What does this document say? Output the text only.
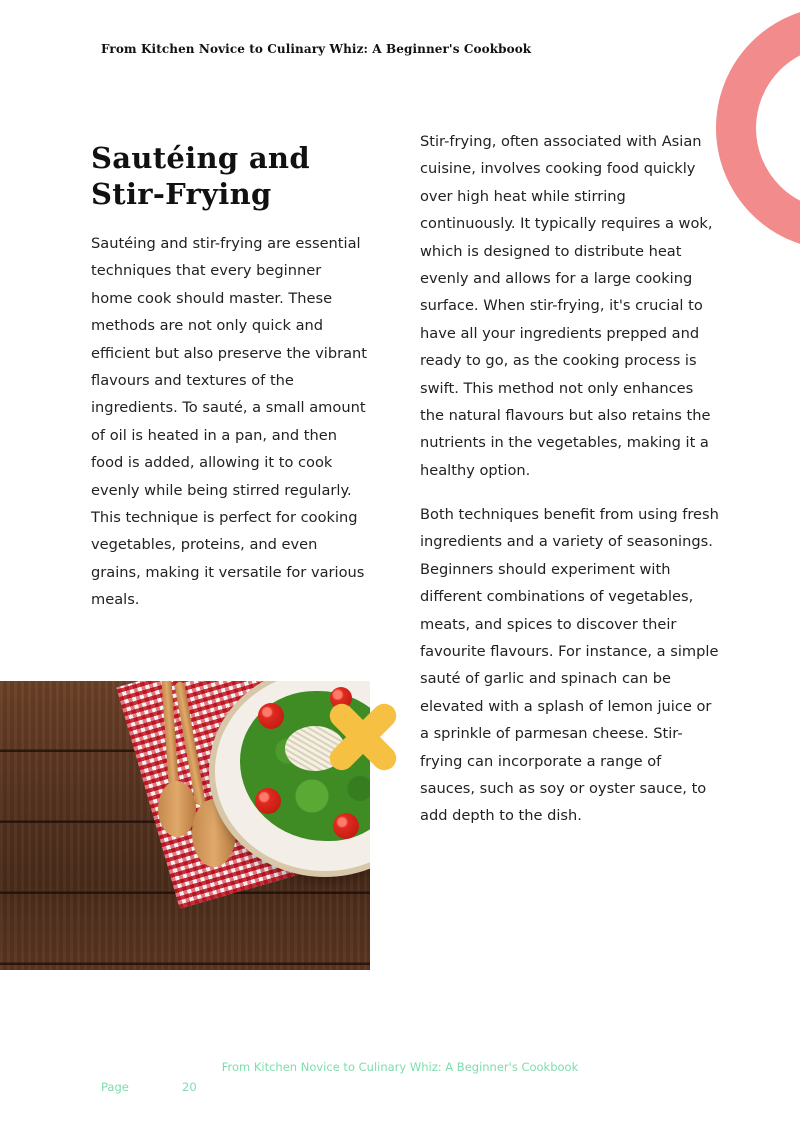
From Kitchen Novice to Culinary Whiz: A Beginner's Cookbook
Sautéing and Stir-Frying

Sautéing and stir-frying are essential techniques that every beginner home cook should master. These methods are not only quick and efficient but also preserve the vibrant flavours and textures of the ingredients. To sauté, a small amount of oil is heated in a pan, and then food is added, allowing it to cook evenly while being stirred regularly. This technique is perfect for cooking vegetables, proteins, and even grains, making it versatile for various meals.

Stir-frying, often associated with Asian cuisine, involves cooking food quickly over high heat while stirring continuously. It typically requires a wok, which is designed to distribute heat evenly and allows for a large cooking surface. When stir-frying, it's crucial to have all your ingredients prepped and ready to go, as the cooking process is swift. This method not only enhances the natural flavours but also retains the nutrients in the vegetables, making it a healthy option.

Both techniques benefit from using fresh ingredients and a variety of seasonings. Beginners should experiment with different combinations of vegetables, meats, and spices to discover their favourite flavours. For instance, a simple sauté of garlic and spinach can be elevated with a splash of lemon juice or a sprinkle of parmesan cheese. Stir-frying can incorporate a range of sauces, such as soy or oyster sauce, to add depth to the dish.

From Kitchen Novice to Culinary Whiz: A Beginner's Cookbook
Page	20
